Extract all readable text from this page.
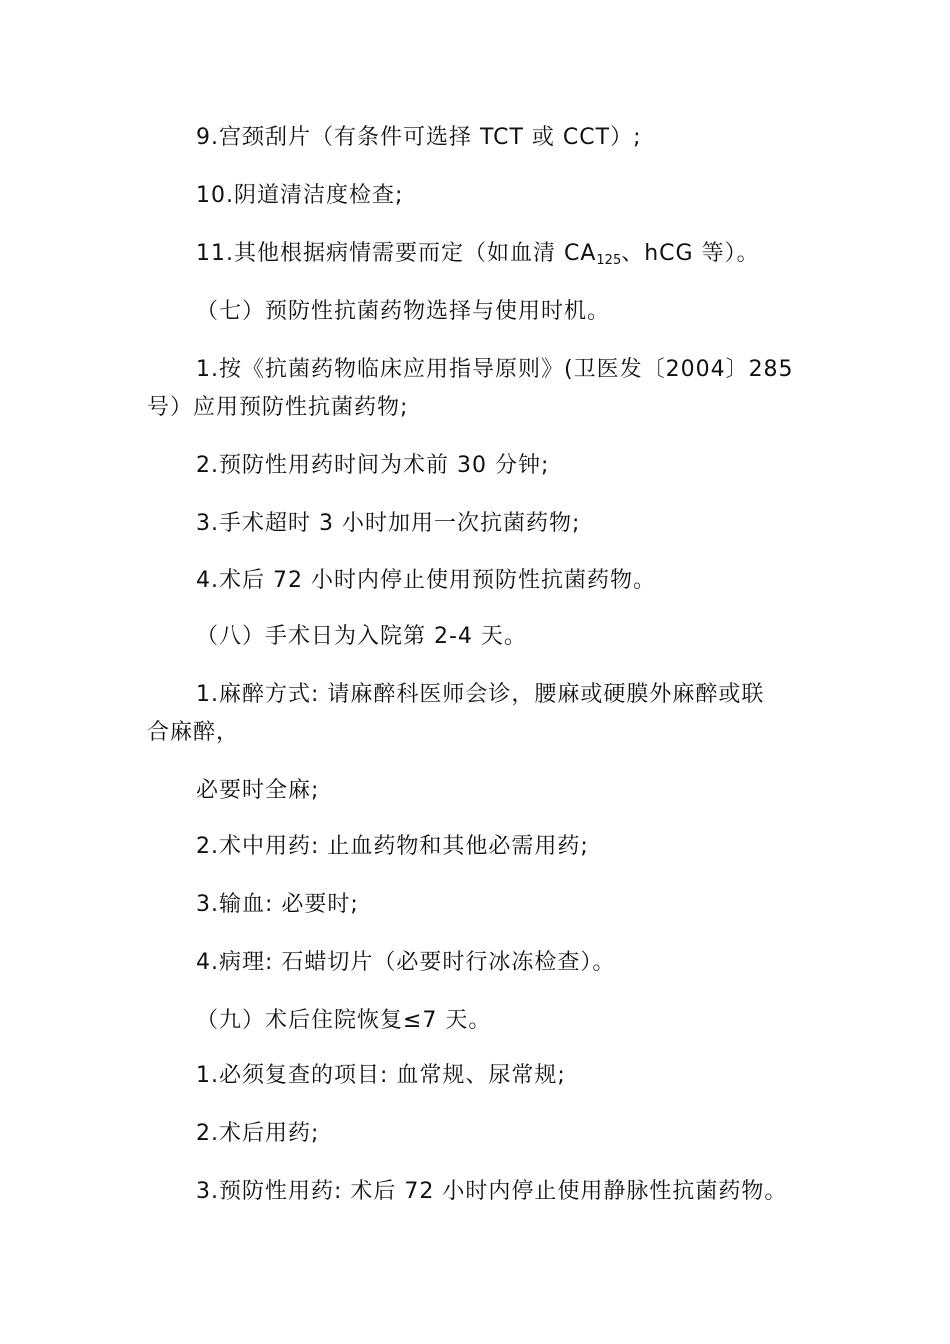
9.宫颈刮片（有条件可选择 TCT 或 CCT）;
10.阴道清洁度检查;
11.其他根据病情需要而定（如血清 $CA_{125}$、hCG 等）。
（七）预防性抗菌药物选择与使用时机。
1.按《抗菌药物临床应用指导原则》(卫医发〔2004〕285
号）应用预防性抗菌药物;
2.预防性用药时间为术前 30 分钟;
3.手术超时 3 小时加用一次抗菌药物;
4.术后 72 小时内停止使用预防性抗菌药物。
（八）手术日为入院第 2-4 天。
1.麻醉方式: 请麻醉科医师会诊，腰麻或硬膜外麻醉或联
合麻醉，
必要时全麻;
2.术中用药: 止血药物和其他必需用药;
3.输血: 必要时;
4.病理: 石蜡切片（必要时行冰冻检查）。
（九）术后住院恢复≤7 天。
1.必须复查的项目: 血常规、尿常规;
2.术后用药;
3.预防性用药: 术后 72 小时内停止使用静脉性抗菌药物。
